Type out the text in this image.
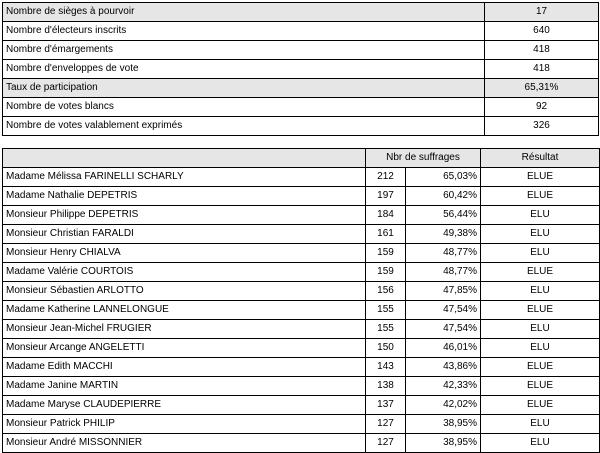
Nombre de sièges à pourvoir	17
Nombre d'électeurs inscrits	640
Nombre d'émargements	418
Nombre d'enveloppes de vote	418
Taux de participation	65,31%
Nombre de votes blancs	92
Nombre de votes valablement exprimés	326
	Nbr de suffrages		Résultat
Madame Mélissa FARINELLI SCHARLY	212	65,03%	ELUE
Madame Nathalie DEPETRIS	197	60,42%	ELUE
Monsieur Philippe DEPETRIS	184	56,44%	ELU
Monsieur Christian FARALDI	161	49,38%	ELU
Monsieur Henry CHIALVA	159	48,77%	ELU
Madame Valérie COURTOIS	159	48,77%	ELUE
Monsieur Sébastien ARLOTTO	156	47,85%	ELU
Madame Katherine LANNELONGUE	155	47,54%	ELUE
Monsieur Jean-Michel FRUGIER	155	47,54%	ELU
Monsieur Arcange ANGELETTI	150	46,01%	ELU
Madame Edith MACCHI	143	43,86%	ELUE
Madame Janine MARTIN	138	42,33%	ELUE
Madame Maryse CLAUDEPIERRE	137	42,02%	ELUE
Monsieur Patrick PHILIP	127	38,95%	ELU
Monsieur André MISSONNIER	127	38,95%	ELU
